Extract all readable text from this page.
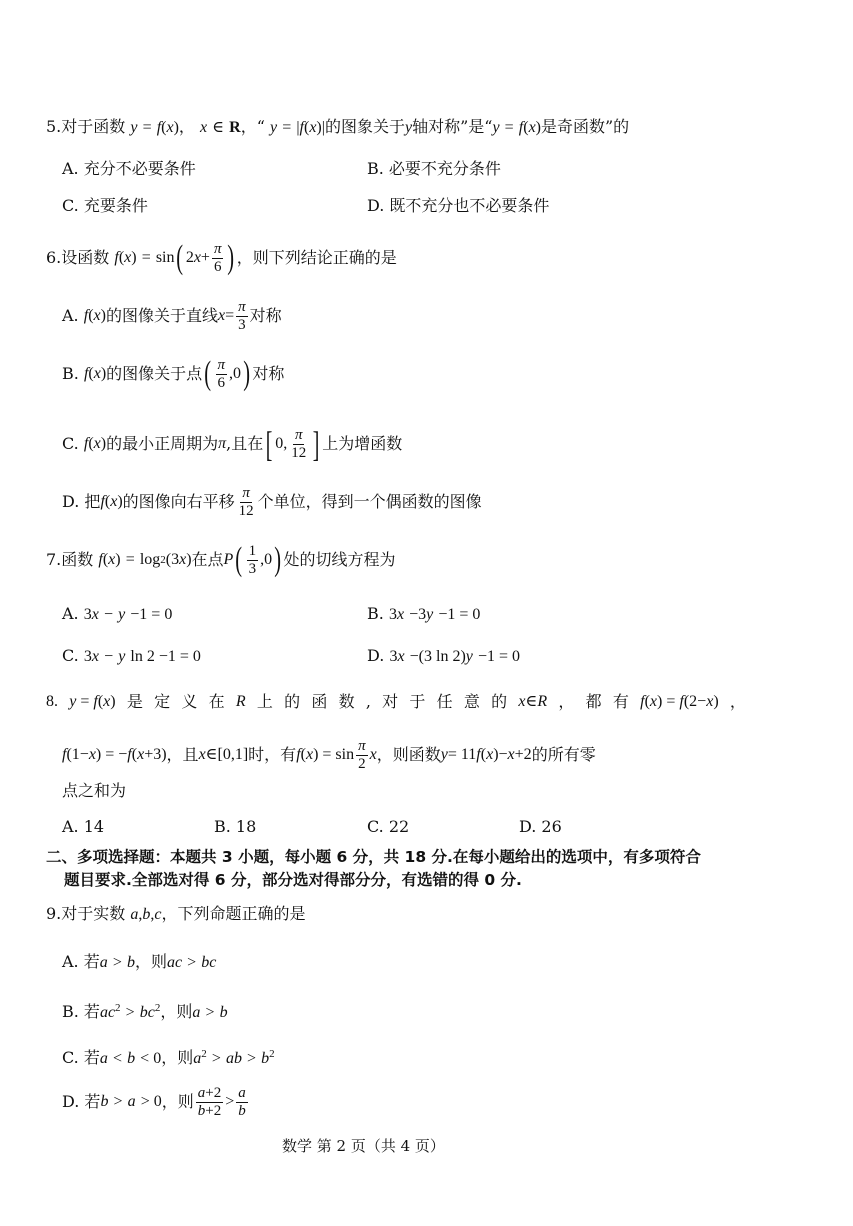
5.对于函数 y = f(x)， x ∈ R，“ y = |f(x)|的图象关于y轴对称”是“y = f(x)是奇函数”的
A. 充分不必要条件	B. 必要不充分条件
C. 充要条件	D. 既不充分也不必要条件
6. 设函数
f ( x )
=
sin ( 2 $x + \frac{\pi}{6}$ ) ，则下列结论正确的是
A.
f ( x ) 的图像关于直线 $x = \frac{\pi}{3}$ 对称
B.
f ( x ) 的图像关于点 ( $\frac{\pi}{6} ,0$ ) 对称
C.
f ( x ) 的最小正周期为 π ,且在 [ 0, $\frac{\pi}{12}$ ] 上为增函数
D. 把 f ( x ) 的图像向右平移 $\frac{\pi}{12}$ 个单位，得到一个偶函数的图像
7. 函数
f ( x )
=
log 2 (3 x ) 在点 P ( $\frac{1}{3} ,0$ ) 处的切线方程为
A. 3x − y −1 = 0	B. 3x −3y −1 = 0
C. 3x − y ln 2 −1 = 0	D. 3x −(3 ln 2)y −1 = 0
8. y = f(x) 是 定 义 在 R 上 的 函 数 , 对 于 任 意 的 x∈R ， 都 有 f(x) = f(2−x) ，
f (1− x ) = − f ( x +3) ，且 x ∈[0,1] 时，有 f ( x ) = $\sin \frac{\pi}{2}$ x ，则函数 y = 11 f ( x )− x +2 的所有零
点之和为
A. 14	B. 18	C. 22	D. 26
二、多项选择题：本题共 3 小题，每小题 6 分，共 18 分.在每小题给出的选项中，有多项符合
题目要求.全部选对得 6 分，部分选对得部分分，有选错的得 0 分.
9.对于实数 a,b,c，下列命题正确的是
A. 若a > b，则ac > bc
B. 若$ac^2 > bc^2$，则a > b
C. 若a < b < 0，则$a^2$ > ab > $b^2$
D. 若 b
>
a
> 0 ，则 $\frac{a+2}{b+2} > \frac{a}{b}$
数学 第 2 页（共 4 页）
